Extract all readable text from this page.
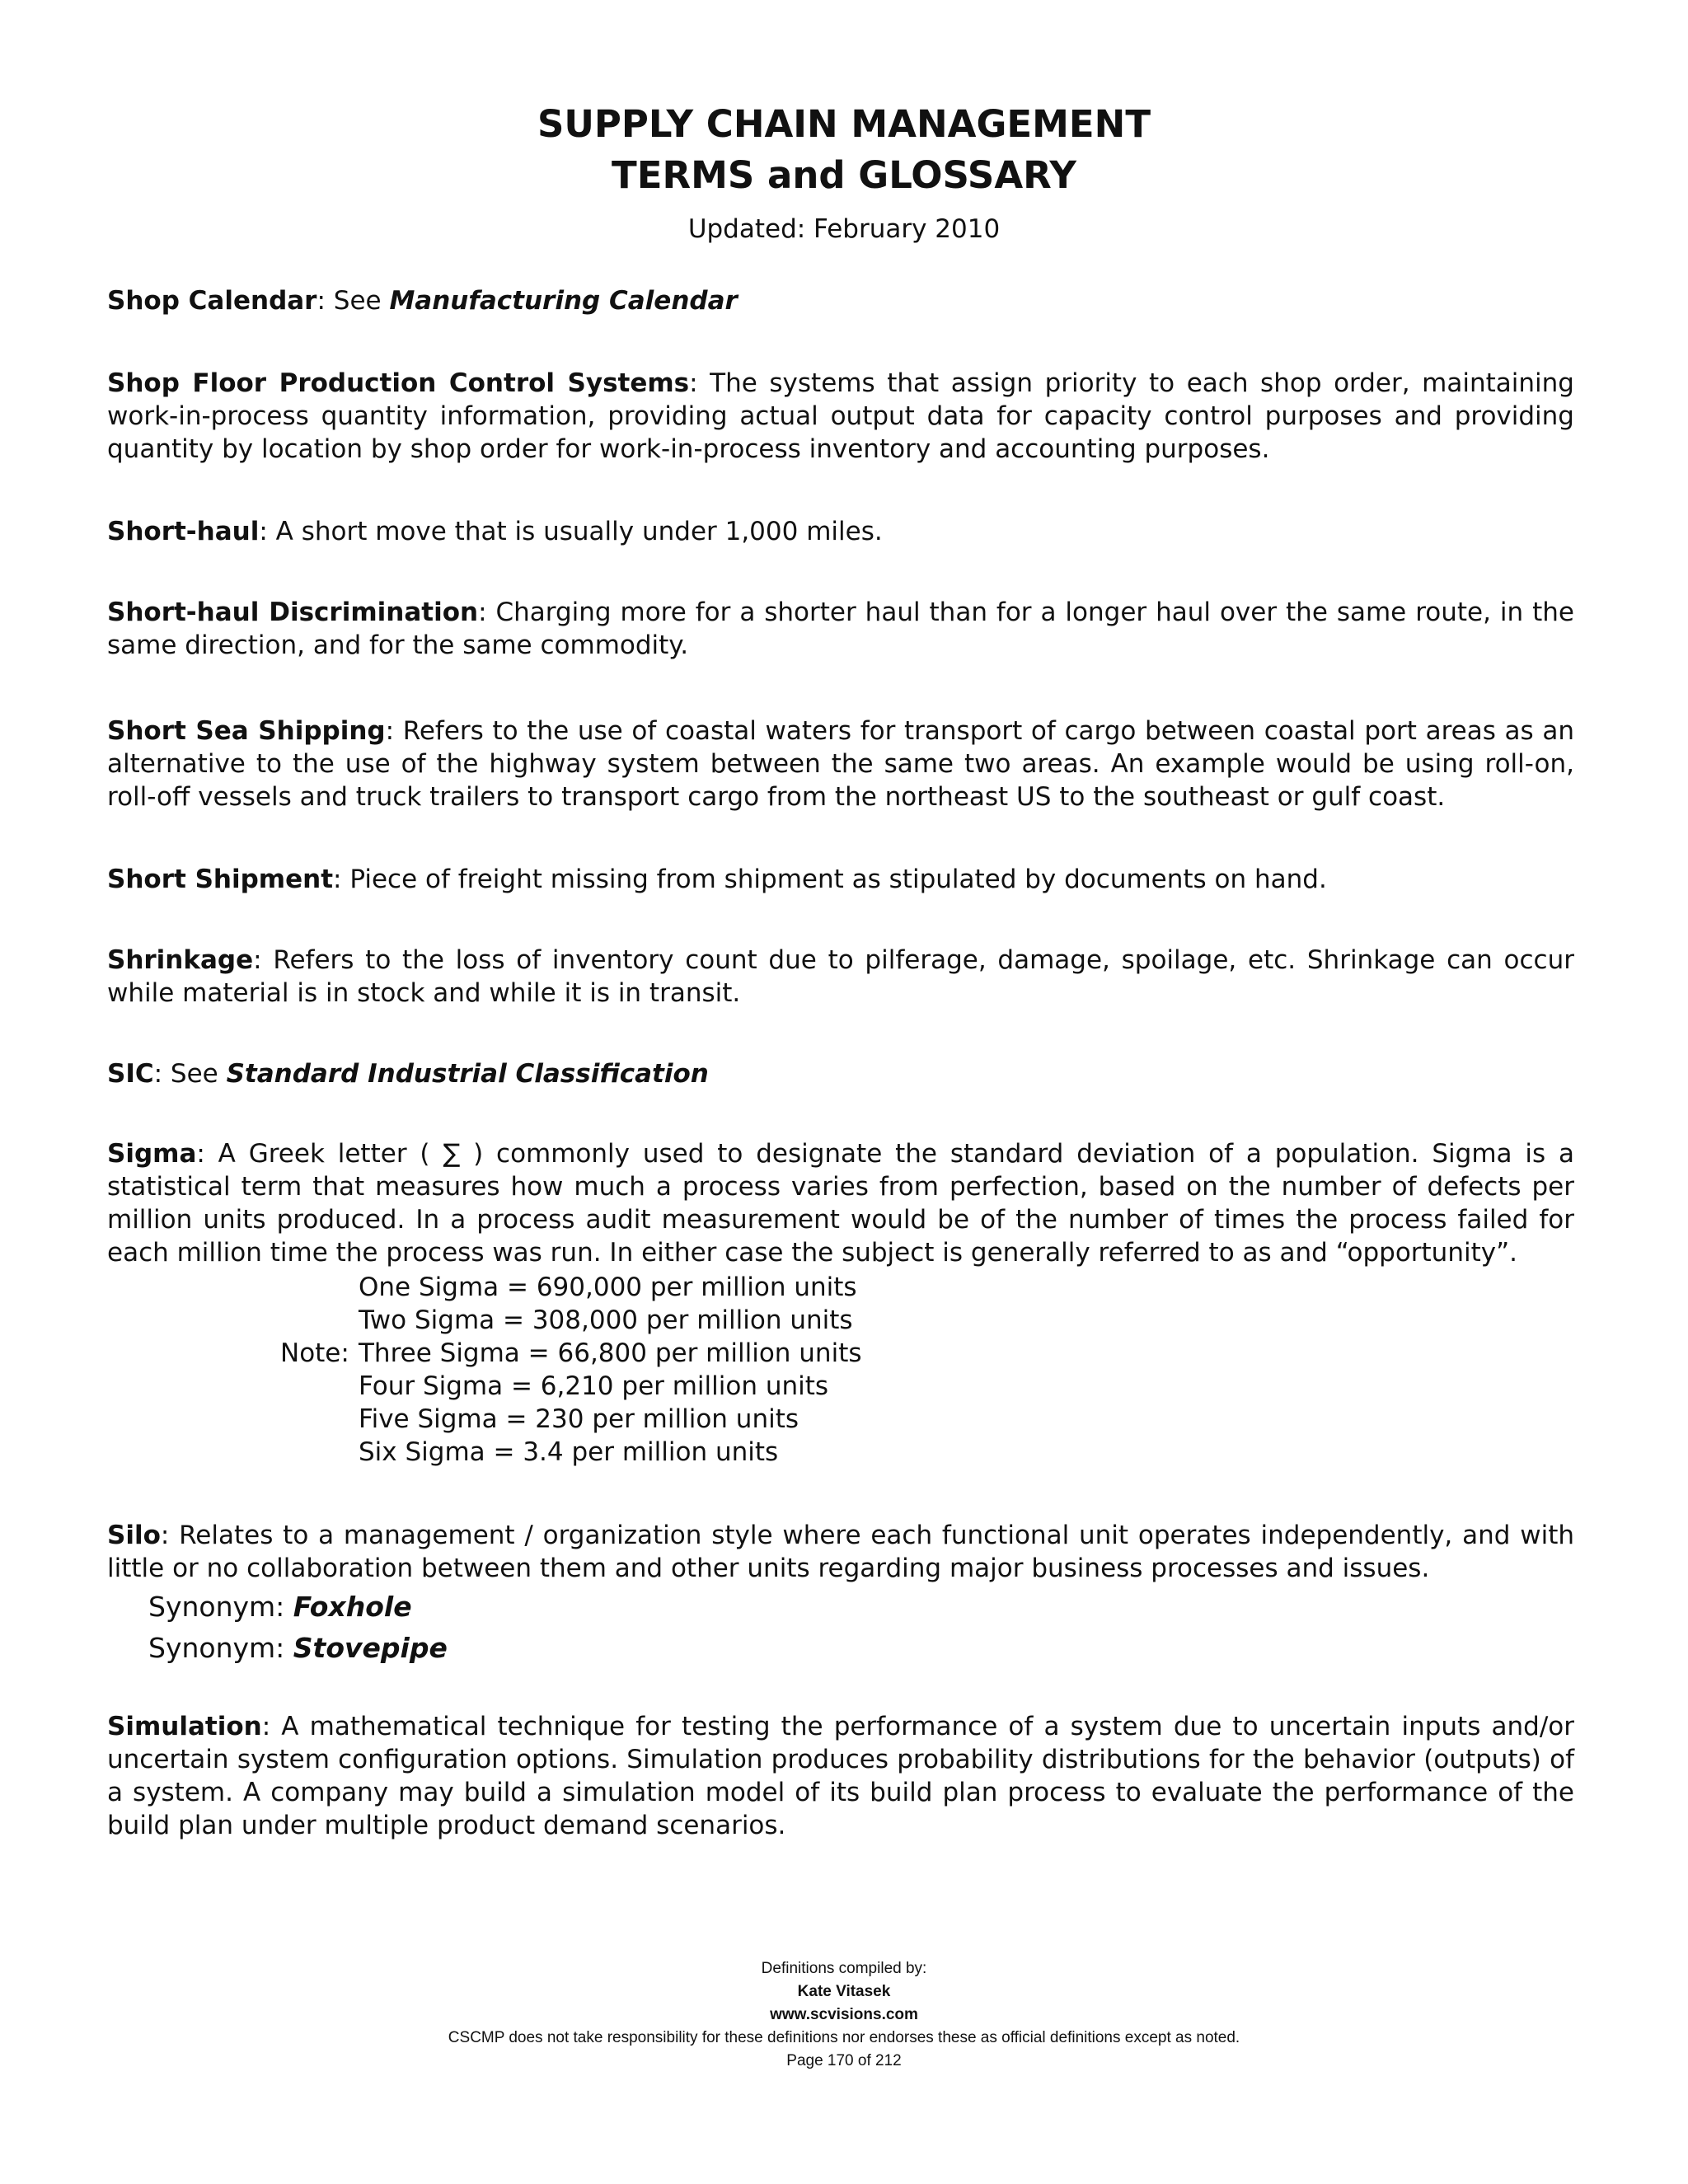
SUPPLY CHAIN MANAGEMENT
TERMS and GLOSSARY
Updated: February 2010

Shop Calendar: See Manufacturing Calendar

Shop Floor Production Control Systems: The systems that assign priority to each shop order, maintaining work-in-process quantity information, providing actual output data for capacity control purposes and providing quantity by location by shop order for work-in-process inventory and accounting purposes.

Short-haul: A short move that is usually under 1,000 miles.

Short-haul Discrimination: Charging more for a shorter haul than for a longer haul over the same route, in the same direction, and for the same commodity.

Short Sea Shipping: Refers to the use of coastal waters for transport of cargo between coastal port areas as an alternative to the use of the highway system between the same two areas. An example would be using roll-on, roll-off vessels and truck trailers to transport cargo from the northeast US to the southeast or gulf coast.

Short Shipment: Piece of freight missing from shipment as stipulated by documents on hand.

Shrinkage: Refers to the loss of inventory count due to pilferage, damage, spoilage, etc. Shrinkage can occur while material is in stock and while it is in transit.

SIC: See Standard Industrial Classification

Sigma: A Greek letter ( ∑ ) commonly used to designate the standard deviation of a population. Sigma is a statistical term that measures how much a process varies from perfection, based on the number of defects per million units produced. In a process audit measurement would be of the number of times the process failed for each million time the process was run. In either case the subject is generally referred to as and “opportunity”.

Note:
One Sigma = 690,000 per million units
Two Sigma = 308,000 per million units
Three Sigma = 66,800 per million units
Four Sigma = 6,210 per million units
Five Sigma = 230 per million units
Six Sigma = 3.4 per million units

Silo: Relates to a management / organization style where each functional unit operates independently, and with little or no collaboration between them and other units regarding major business processes and issues.

Synonym: Foxhole
Synonym: Stovepipe

Simulation: A mathematical technique for testing the performance of a system due to uncertain inputs and/or uncertain system configuration options. Simulation produces probability distributions for the behavior (outputs) of a system. A company may build a simulation model of its build plan process to evaluate the performance of the build plan under multiple product demand scenarios.

Definitions compiled by:
Kate Vitasek
www.scvisions.com
CSCMP does not take responsibility for these definitions nor endorses these as official definitions except as noted.
Page 170 of 212
